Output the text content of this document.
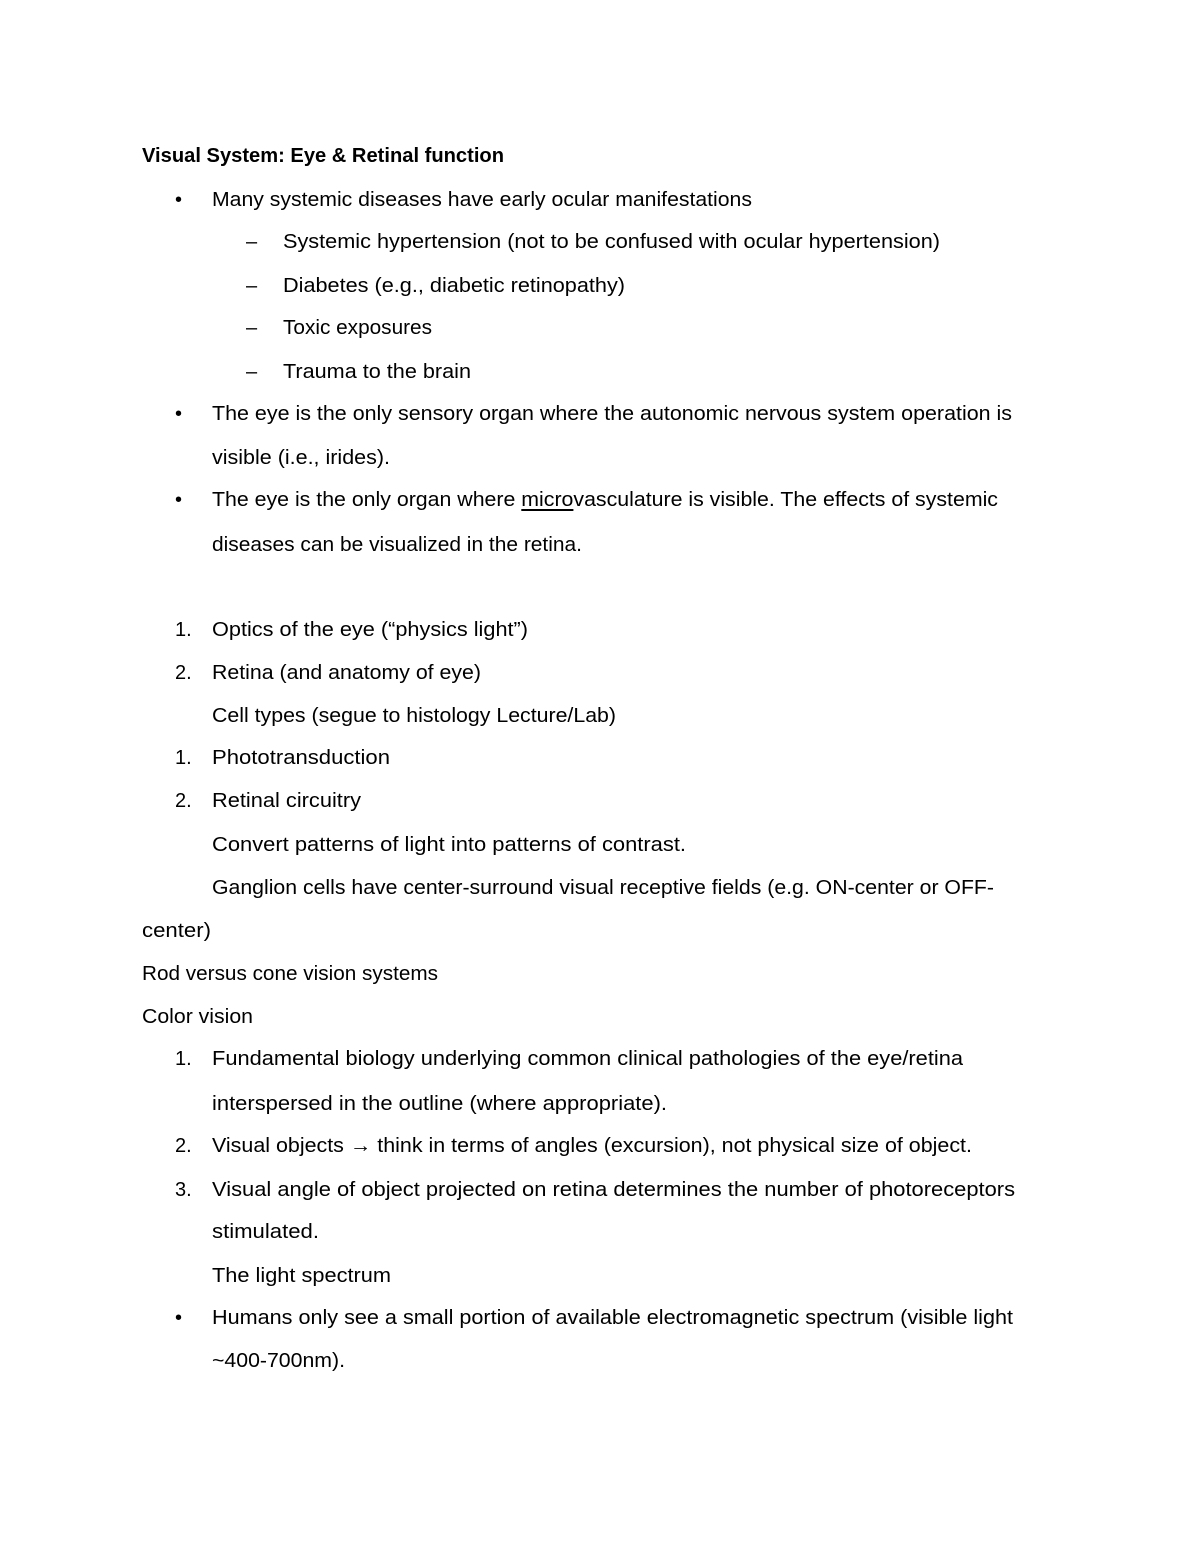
Visual System: Eye & Retinal function
• Many systemic diseases have early ocular manifestations
– Systemic hypertension (not to be confused with ocular hypertension)
– Diabetes (e.g., diabetic retinopathy)
– Toxic exposures
– Trauma to the brain
• The eye is the only sensory organ where the autonomic nervous system operation is
visible (i.e., irides).
• The eye is the only organ where microvasculature is visible. The effects of systemic
diseases can be visualized in the retina.
1. Optics of the eye (“physics light”)
2. Retina (and anatomy of eye)
Cell types (segue to histology Lecture/Lab)
1. Phototransduction
2. Retinal circuitry
Convert patterns of light into patterns of contrast.
Ganglion cells have center-surround visual receptive fields (e.g. ON-center or OFF-
center)
Rod versus cone vision systems
Color vision
1. Fundamental biology underlying common clinical pathologies of the eye/retina
interspersed in the outline (where appropriate).
2. Visual objects → think in terms of angles (excursion), not physical size of object.
3. Visual angle of object projected on retina determines the number of photoreceptors
stimulated.
The light spectrum
• Humans only see a small portion of available electromagnetic spectrum (visible light
~400-700nm).
